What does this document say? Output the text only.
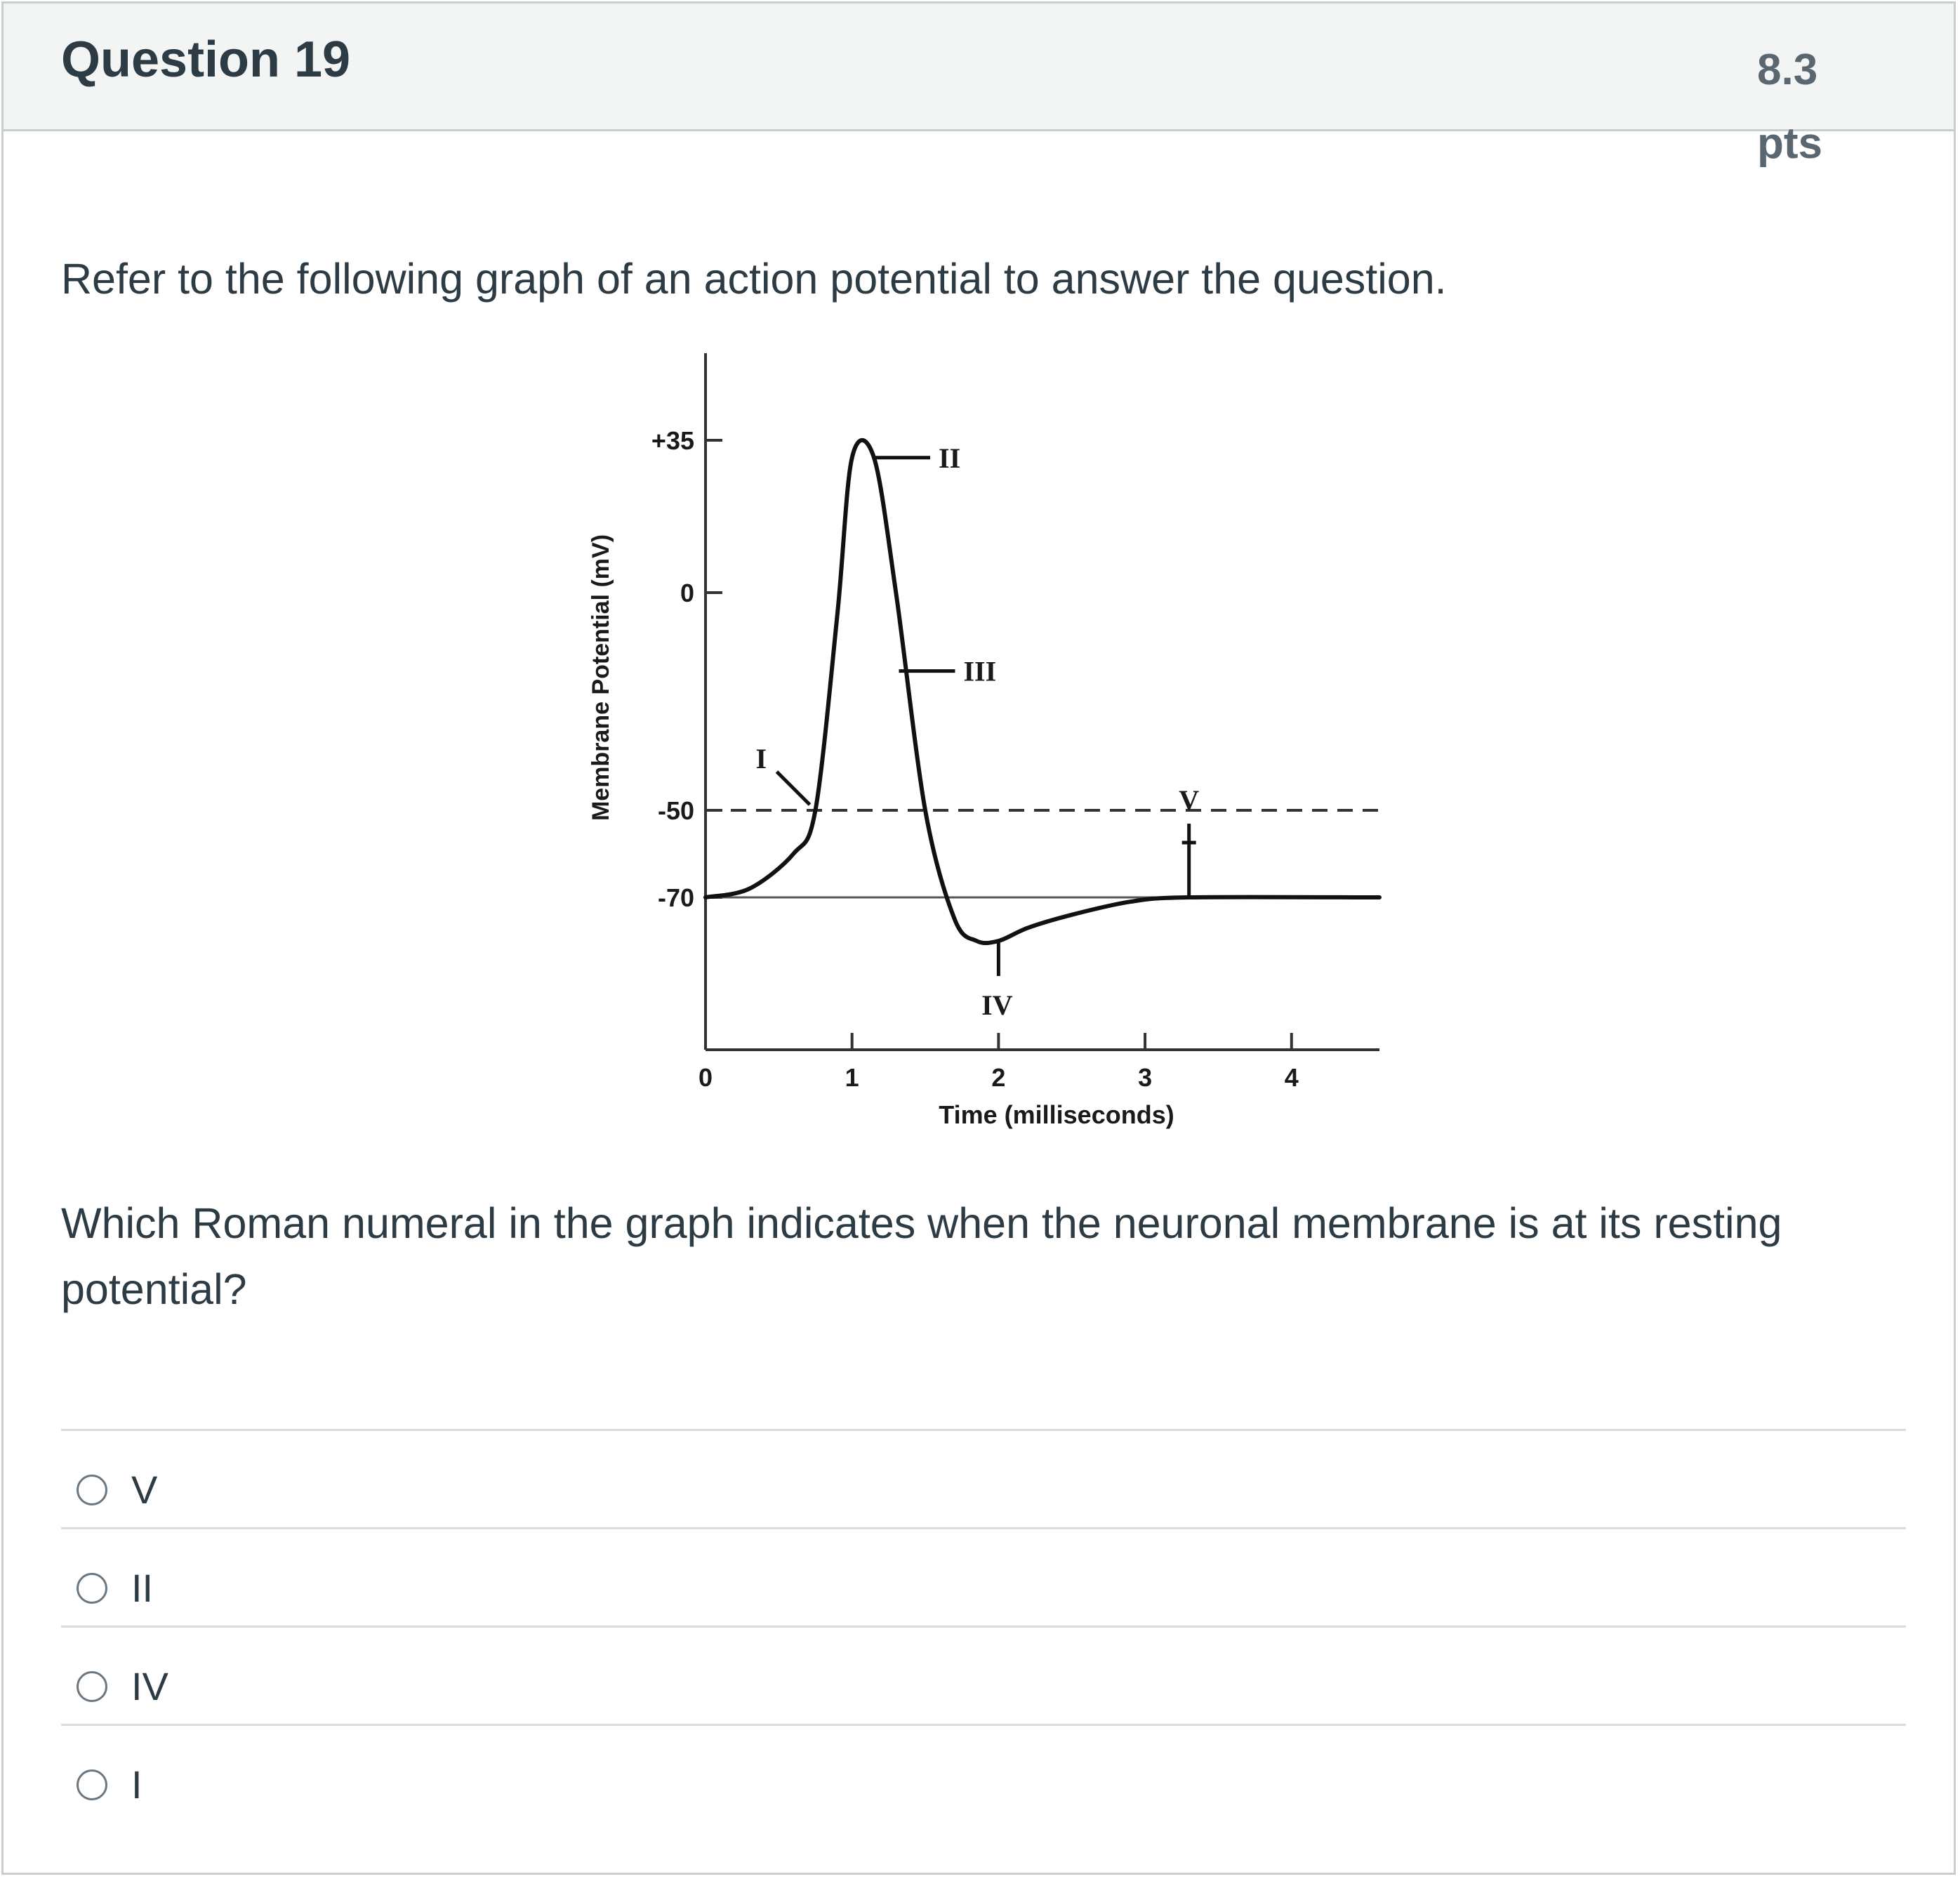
Question 19	8.3
pts
Refer to the following graph of an action potential to answer the question.
+35
0
-50
-70
0	1	2	3	4
I
II
III
IV
V
Membrane Potential (mV)
Time (milliseconds)
Which Roman numeral in the graph indicates when the neuronal membrane is at its resting potential?
V
II
IV
I
